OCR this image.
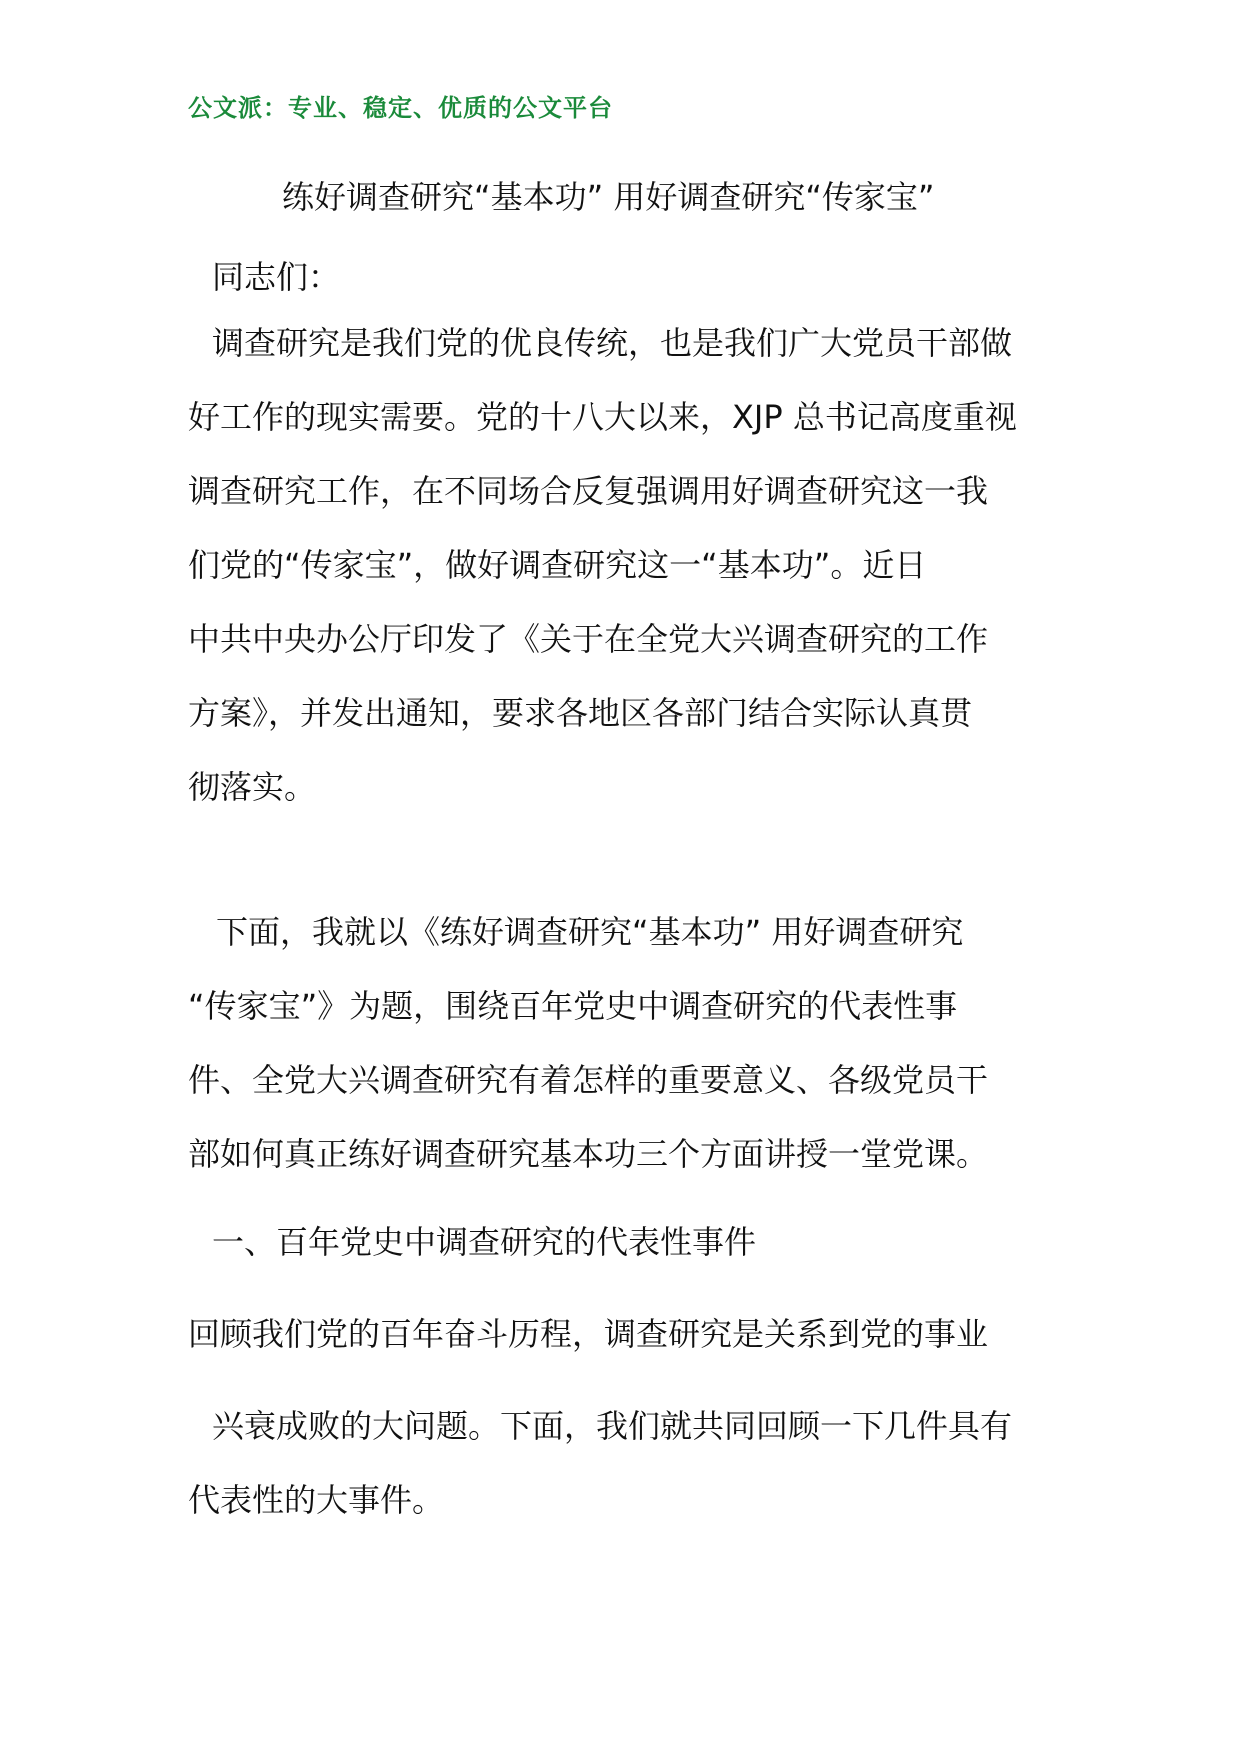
公文派：专业、稳定、优质的公文平台
练好调查研究“基本功” 用好调查研究“传家宝”
同志们：
调查研究是我们党的优良传统，也是我们广大党员干部做
好工作的现实需要。党的十八大以来，XJP 总书记高度重视
调查研究工作，在不同场合反复强调用好调查研究这一我
们党的“传家宝”，做好调查研究这一“基本功”。近日
中共中央办公厅印发了《关于在全党大兴调查研究的工作
方案》，并发出通知，要求各地区各部门结合实际认真贯
彻落实。
下面，我就以《练好调查研究“基本功” 用好调查研究
“传家宝”》为题，围绕百年党史中调查研究的代表性事
件、全党大兴调查研究有着怎样的重要意义、各级党员干
部如何真正练好调查研究基本功三个方面讲授一堂党课。
一、百年党史中调查研究的代表性事件
回顾我们党的百年奋斗历程，调查研究是关系到党的事业
兴衰成败的大问题。下面，我们就共同回顾一下几件具有
代表性的大事件。
